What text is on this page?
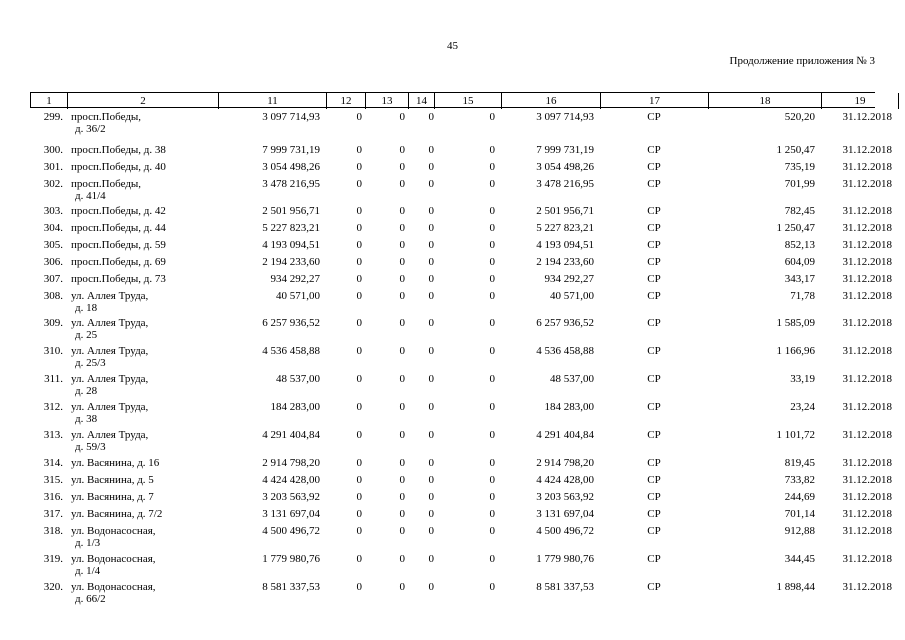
45
Продолжение приложения № 3
1	2	11	12	13	14	15	16	17	18	19
299. просп.Победы,
д. 36/2
3 097 714,93	0	0	0	0	3 097 714,93	СР	520,20	31.12.2018
300. просп.Победы, д. 38	7 999 731,19	0	0	0	0	7 999 731,19	СР	1 250,47	31.12.2018
301. просп.Победы, д. 40	3 054 498,26	0	0	0	0	3 054 498,26	СР	735,19	31.12.2018
302. просп.Победы,
д. 41/4
3 478 216,95	0	0	0	0	3 478 216,95	СР	701,99	31.12.2018
303. просп.Победы, д. 42	2 501 956,71	0	0	0	0	2 501 956,71	СР	782,45	31.12.2018
304. просп.Победы, д. 44	5 227 823,21	0	0	0	0	5 227 823,21	СР	1 250,47	31.12.2018
305. просп.Победы, д. 59	4 193 094,51	0	0	0	0	4 193 094,51	СР	852,13	31.12.2018
306. просп.Победы, д. 69	2 194 233,60	0	0	0	0	2 194 233,60	СР	604,09	31.12.2018
307. просп.Победы, д. 73	934 292,27	0	0	0	0	934 292,27	СР	343,17	31.12.2018
308. ул. Аллея Труда,
д. 18
40 571,00	0	0	0	0	40 571,00	СР	71,78	31.12.2018
309. ул. Аллея Труда,
д. 25
6 257 936,52	0	0	0	0	6 257 936,52	СР	1 585,09	31.12.2018
310. ул. Аллея Труда,
д. 25/3
4 536 458,88	0	0	0	0	4 536 458,88	СР	1 166,96	31.12.2018
311. ул. Аллея Труда,
д. 28
48 537,00	0	0	0	0	48 537,00	СР	33,19	31.12.2018
312. ул. Аллея Труда,
д. 38
184 283,00	0	0	0	0	184 283,00	СР	23,24	31.12.2018
313. ул. Аллея Труда,
д. 59/3
4 291 404,84	0	0	0	0	4 291 404,84	СР	1 101,72	31.12.2018
314. ул. Васянина, д. 16	2 914 798,20	0	0	0	0	2 914 798,20	СР	819,45	31.12.2018
315. ул. Васянина, д. 5	4 424 428,00	0	0	0	0	4 424 428,00	СР	733,82	31.12.2018
316. ул. Васянина, д. 7	3 203 563,92	0	0	0	0	3 203 563,92	СР	244,69	31.12.2018
317. ул. Васянина, д. 7/2	3 131 697,04	0	0	0	0	3 131 697,04	СР	701,14	31.12.2018
318. ул. Водонасосная,
д. 1/3
4 500 496,72	0	0	0	0	4 500 496,72	СР	912,88	31.12.2018
319. ул. Водонасосная,
д. 1/4
1 779 980,76	0	0	0	0	1 779 980,76	СР	344,45	31.12.2018
320. ул. Водонасосная,
д. 66/2
8 581 337,53	0	0	0	0	8 581 337,53	СР	1 898,44	31.12.2018
